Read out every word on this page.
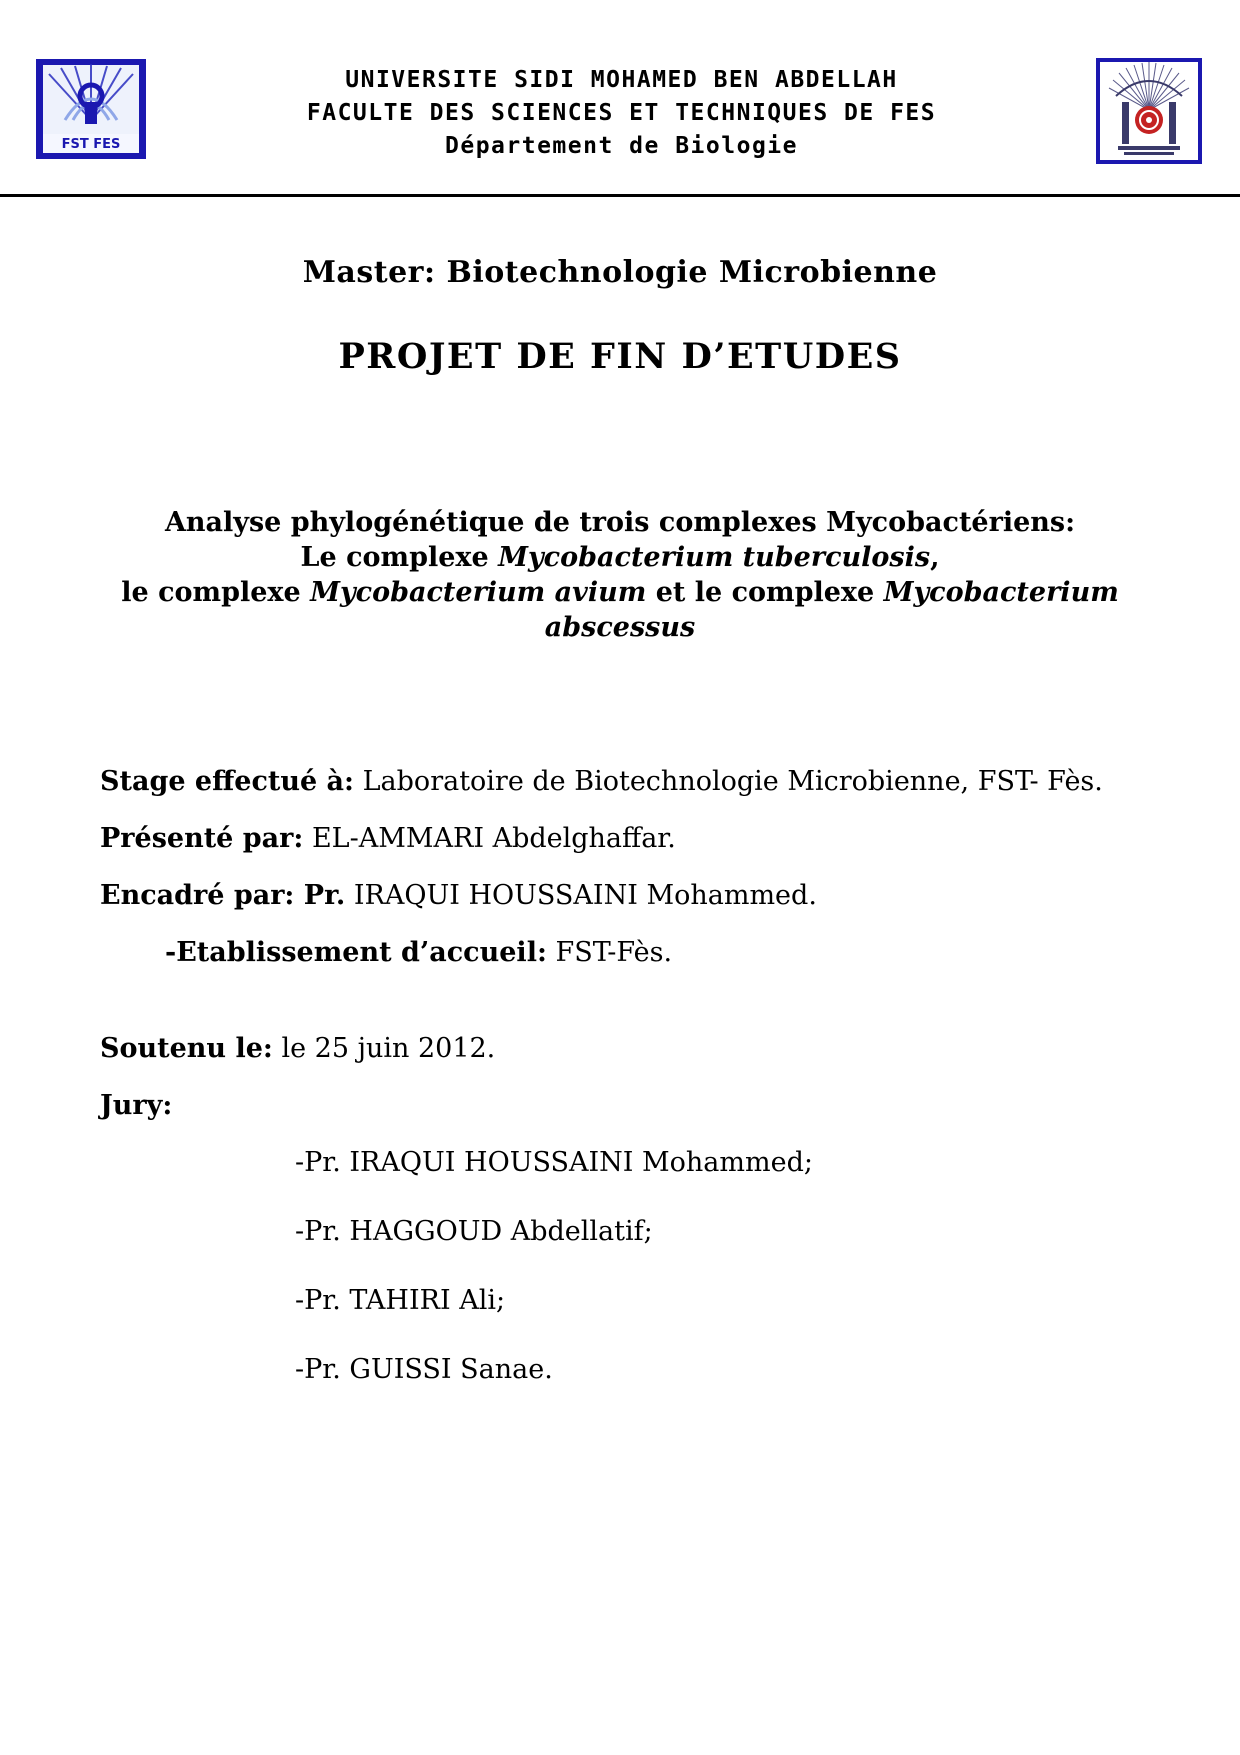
FST FES
UNIVERSITE SIDI MOHAMED BEN ABDELLAH
FACULTE DES SCIENCES ET TECHNIQUES DE FES
Département de Biologie
Master: Biotechnologie Microbienne
PROJET DE FIN D’ETUDES
Analyse phylogénétique de trois complexes Mycobactériens:
Le complexe Mycobacterium tuberculosis,
le complexe Mycobacterium avium et le complexe Mycobacterium
abscessus
Stage effectué à: Laboratoire de Biotechnologie Microbienne, FST- Fès.
Présenté par: EL-AMMARI Abdelghaffar.
Encadré par: Pr. IRAQUI HOUSSAINI Mohammed.
-Etablissement d’accueil: FST-Fès.
Soutenu le: le 25 juin 2012.
Jury:
-Pr. IRAQUI HOUSSAINI Mohammed;
-Pr. HAGGOUD Abdellatif;
-Pr. TAHIRI Ali;
-Pr. GUISSI Sanae.
